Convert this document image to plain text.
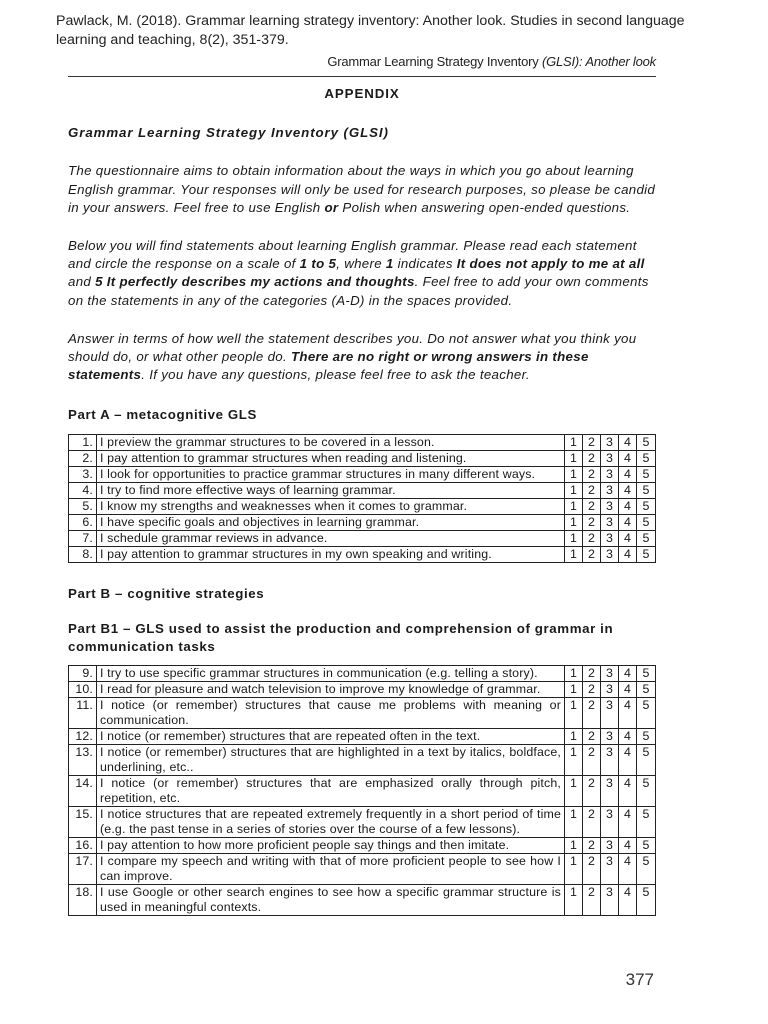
Pawlack, M. (2018). Grammar learning strategy inventory: Another look. Studies in second language learning and teaching, 8(2), 351-379.
Grammar Learning Strategy Inventory (GLSI): Another look
APPENDIX
Grammar Learning Strategy Inventory (GLSI)

The questionnaire aims to obtain information about the ways in which you go about learning English grammar. Your responses will only be used for research purposes, so please be candid in your answers. Feel free to use English or Polish when answering open-ended questions.

Below you will find statements about learning English grammar. Please read each statement and circle the response on a scale of 1 to 5, where 1 indicates It does not apply to me at all and 5 It perfectly describes my actions and thoughts. Feel free to add your own comments on the statements in any of the categories (A-D) in the spaces provided.

Answer in terms of how well the statement describes you. Do not answer what you think you should do, or what other people do. There are no right or wrong answers in these statements. If you have any questions, please feel free to ask the teacher.

Part A – metacognitive GLS
1.	I preview the grammar structures to be covered in a lesson.	1	2	3	4	5
2.	I pay attention to grammar structures when reading and listening.	1	2	3	4	5
3.	I look for opportunities to practice grammar structures in many different ways.	1	2	3	4	5
4.	I try to find more effective ways of learning grammar.	1	2	3	4	5
5.	I know my strengths and weaknesses when it comes to grammar.	1	2	3	4	5
6.	I have specific goals and objectives in learning grammar.	1	2	3	4	5
7.	I schedule grammar reviews in advance.	1	2	3	4	5
8.	I pay attention to grammar structures in my own speaking and writing.	1	2	3	4	5
Part B – cognitive strategies
Part B1 – GLS used to assist the production and comprehension of grammar in communication tasks
9.	I try to use specific grammar structures in communication (e.g. telling a story).	1	2	3	4	5
10.	I read for pleasure and watch television to improve my knowledge of grammar.	1	2	3	4	5
11.	I notice (or remember) structures that cause me problems with meaning or communication.	1	2	3	4	5
12.	I notice (or remember) structures that are repeated often in the text.	1	2	3	4	5
13.	I notice (or remember) structures that are highlighted in a text by italics, boldface, underlining, etc..	1	2	3	4	5
14.	I notice (or remember) structures that are emphasized orally through pitch, repetition, etc.	1	2	3	4	5
15.	I notice structures that are repeated extremely frequently in a short period of time (e.g. the past tense in a series of stories over the course of a few lessons).	1	2	3	4	5
16.	I pay attention to how more proficient people say things and then imitate.	1	2	3	4	5
17.	I compare my speech and writing with that of more proficient people to see how I can improve.	1	2	3	4	5
18.	I use Google or other search engines to see how a specific grammar structure is used in meaningful contexts.	1	2	3	4	5
377
